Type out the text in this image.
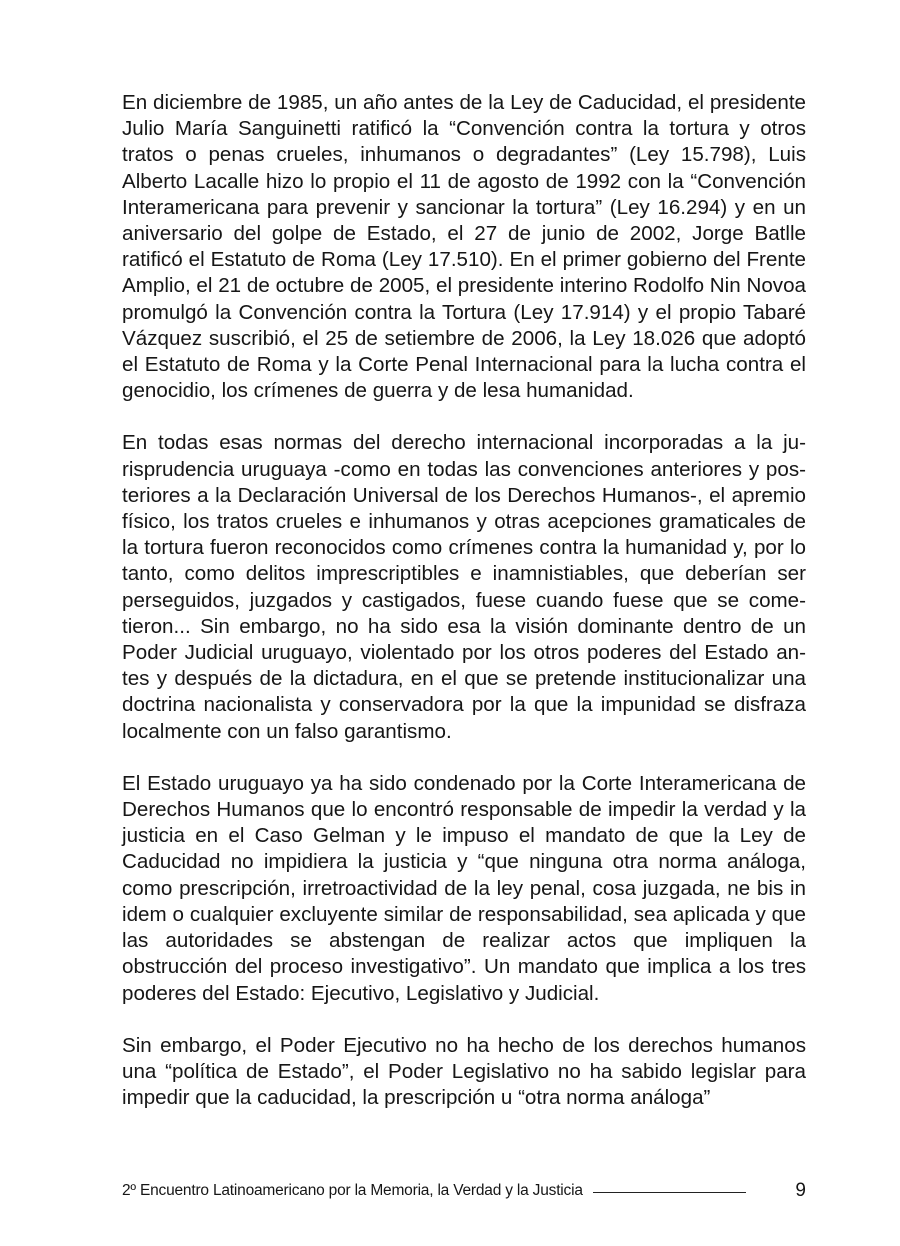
En diciembre de 1985, un año antes de la Ley de Caducidad, el presidente Julio María Sanguinetti ratificó la “Convención contra la tortura y otros tratos o penas crueles, inhumanos o degradantes” (Ley 15.798), Luis Alberto Lacalle hizo lo propio el 11 de agosto de 1992 con la “Convención Interamericana para prevenir y sancionar la tortura” (Ley 16.294) y en un aniversario del golpe de Estado, el 27 de junio de 2002, Jorge Batlle ratificó el Estatuto de Roma (Ley 17.510). En el primer gobierno del Frente Amplio, el 21 de octubre de 2005, el presidente interino Rodolfo Nin Novoa promulgó la Convención contra la Tortura (Ley 17.914) y el propio Tabaré Vázquez suscribió, el 25 de setiembre de 2006, la Ley 18.026 que adoptó el Estatuto de Roma y la Corte Penal Internacional para la lucha contra el genocidio, los crímenes de guerra y de lesa humanidad.

En todas esas normas del derecho internacional incorporadas a la jurisprudencia uruguaya -como en todas las convenciones anteriores y posteriores a la Declaración Universal de los Derechos Humanos-, el apremio físico, los tratos crueles e inhumanos y otras acepciones gramaticales de la tortura fueron reconocidos como crímenes contra la humanidad y, por lo tanto, como delitos imprescriptibles e inamnistiables, que deberían ser perseguidos, juzgados y castigados, fuese cuando fuese que se cometieron... Sin embargo, no ha sido esa la visión dominante dentro de un Poder Judicial uruguayo, violentado por los otros poderes del Estado antes y después de la dictadura, en el que se pretende institucionalizar una doctrina nacionalista y conservadora por la que la impunidad se disfraza localmente con un falso garantismo.

El Estado uruguayo ya ha sido condenado por la Corte Interamericana de Derechos Humanos que lo encontró responsable de impedir la verdad y la justicia en el Caso Gelman y le impuso el mandato de que la Ley de Caducidad no impidiera la justicia y “que ninguna otra norma análoga, como prescripción, irretroactividad de la ley penal, cosa juzgada, ne bis in idem o cualquier excluyente similar de responsabilidad, sea aplicada y que las autoridades se abstengan de realizar actos que impliquen la obstrucción del proceso investigativo”. Un mandato que implica a los tres poderes del Estado: Ejecutivo, Legislativo y Judicial.

Sin embargo, el Poder Ejecutivo no ha hecho de los derechos humanos una “política de Estado”, el Poder Legislativo no ha sabido legislar para impedir que la caducidad, la prescripción u “otra norma análoga”

2º Encuentro Latinoamericano por la Memoria, la Verdad y la Justicia	9
